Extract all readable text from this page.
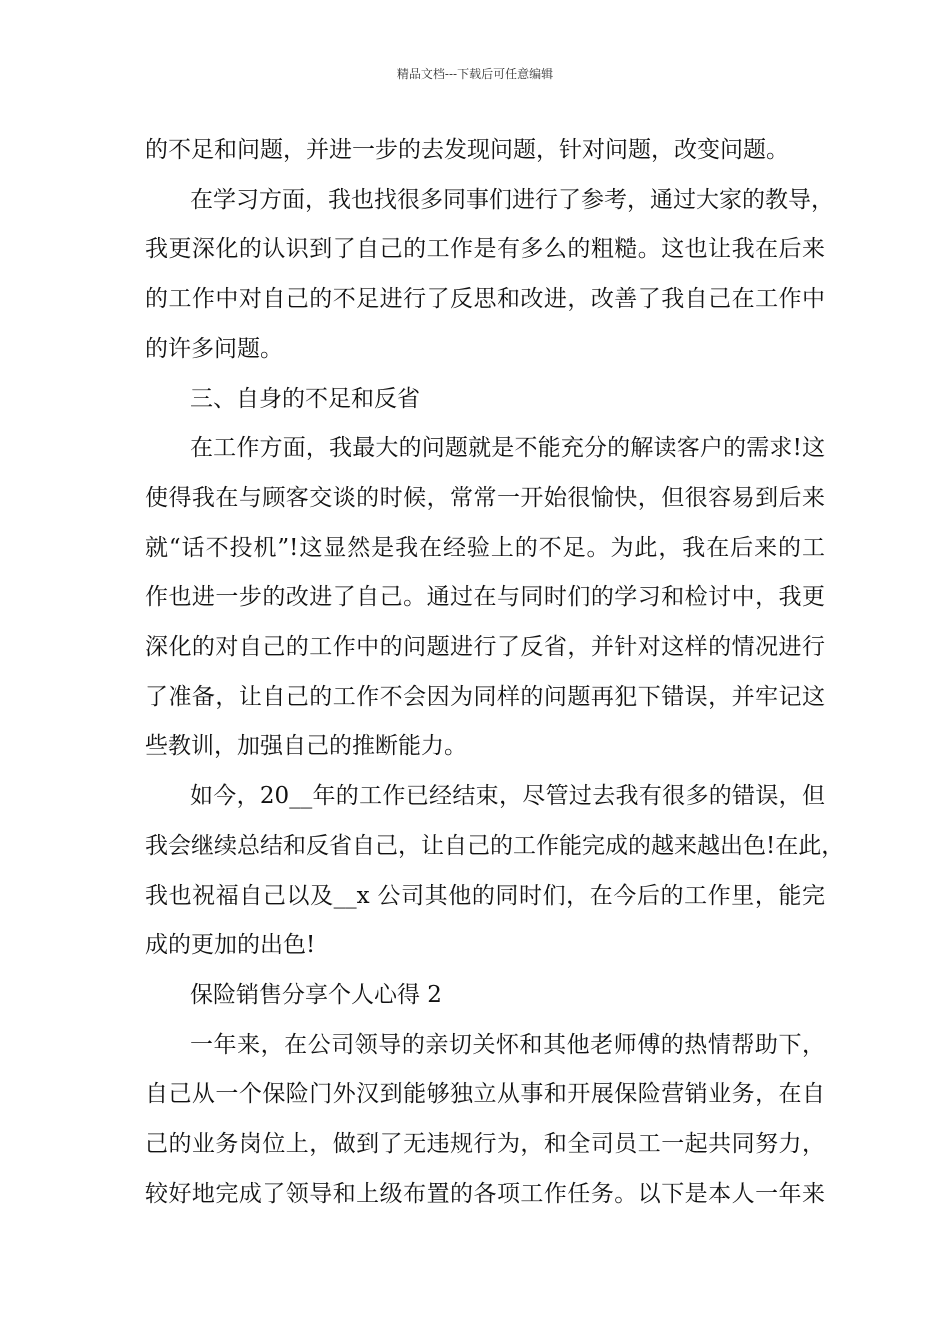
精品文档---下载后可任意编辑
的不足和问题，并进一步的去发现问题，针对问题，改变问题。
在学习方面，我也找很多同事们进行了参考，通过大家的教导，
我更深化的认识到了自己的工作是有多么的粗糙。这也让我在后来
的工作中对自己的不足进行了反思和改进，改善了我自己在工作中
的许多问题。
三、自身的不足和反省
在工作方面，我最大的问题就是不能充分的解读客户的需求!这
使得我在与顾客交谈的时候，常常一开始很愉快，但很容易到后来
就“话不投机”!这显然是我在经验上的不足。为此，我在后来的工
作也进一步的改进了自己。通过在与同时们的学习和检讨中，我更
深化的对自己的工作中的问题进行了反省，并针对这样的情况进行
了准备，让自己的工作不会因为同样的问题再犯下错误，并牢记这
些教训，加强自己的推断能力。
如今，20__年的工作已经结束，尽管过去我有很多的错误，但
我会继续总结和反省自己，让自己的工作能完成的越来越出色!在此，
我也祝福自己以及__x 公司其他的同时们，在今后的工作里，能完
成的更加的出色!
保险销售分享个人心得 2
一年来，在公司领导的亲切关怀和其他老师傅的热情帮助下，
自己从一个保险门外汉到能够独立从事和开展保险营销业务，在自
己的业务岗位上，做到了无违规行为，和全司员工一起共同努力，
较好地完成了领导和上级布置的各项工作任务。以下是本人一年来
